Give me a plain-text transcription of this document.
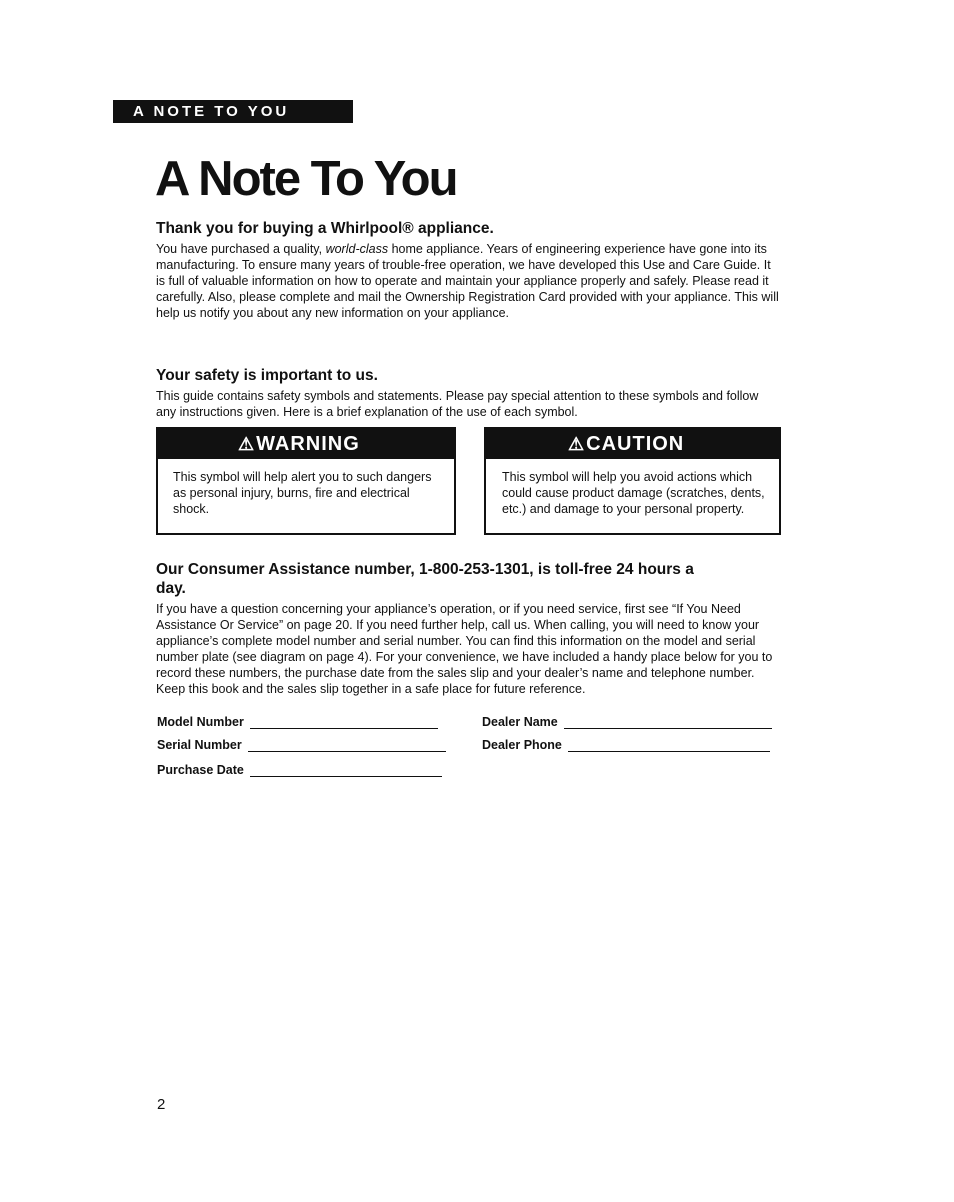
A NOTE TO YOU
A Note To You

Thank you for buying a Whirlpool® appliance.

You have purchased a quality, world-class home appliance. Years of engineering experience have gone into its manufacturing. To ensure many years of trouble-free operation, we have developed this Use and Care Guide. It is full of valuable information on how to operate and maintain your appliance properly and safely. Please read it carefully. Also, please complete and mail the Ownership Registration Card provided with your appliance. This will help us notify you about any new information on your appliance.

Your safety is important to us.

This guide contains safety symbols and statements. Please pay special attention to these symbols and follow any instructions given. Here is a brief explanation of the use of each symbol.

⚠WARNING
This symbol will help alert you to such dangers as personal injury, burns, fire and electrical shock.
⚠CAUTION
This symbol will help you avoid actions which could cause product damage (scratches, dents, etc.) and damage to your personal property.

Our Consumer Assistance number, 1-800-253-1301, is toll-free 24 hours a day.

If you have a question concerning your appliance’s operation, or if you need service, first see “If You Need Assistance Or Service” on page 20. If you need further help, call us. When calling, you will need to know your appliance’s complete model number and serial number. You can find this information on the model and serial number plate (see diagram on page 4). For your convenience, we have included a handy place below for you to record these numbers, the purchase date from the sales slip and your dealer’s name and telephone number. Keep this book and the sales slip together in a safe place for future reference.

Model Number
Serial Number
Purchase Date
Dealer Name
Dealer Phone
2
